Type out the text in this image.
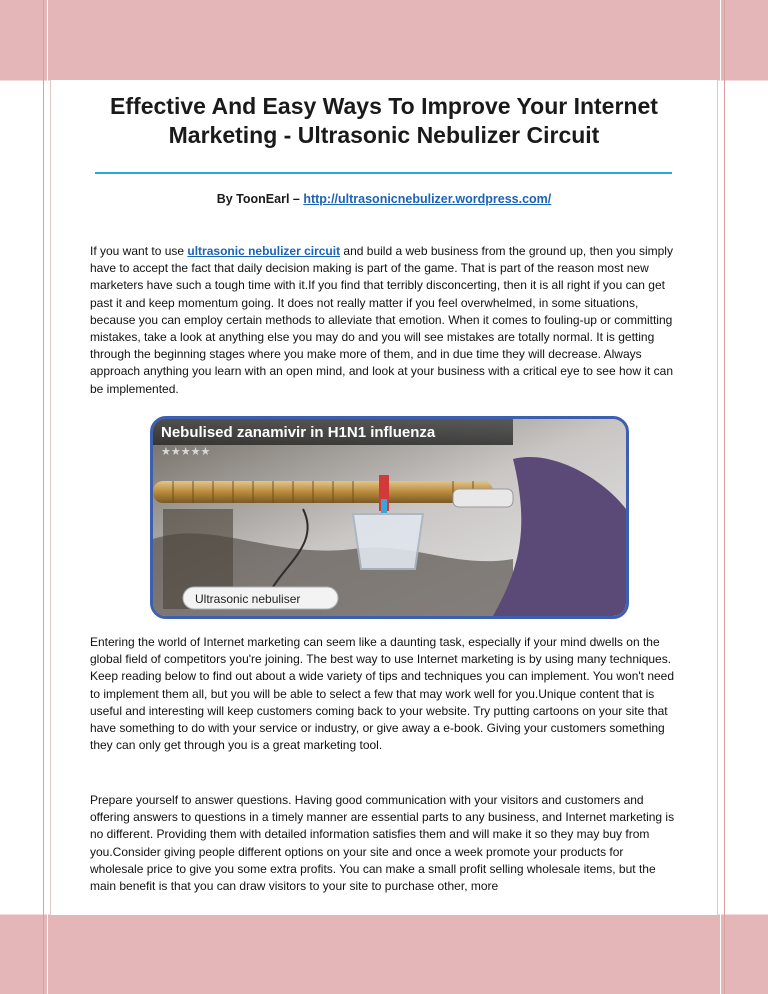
Effective And Easy Ways To Improve Your Internet Marketing - Ultrasonic Nebulizer Circuit
By ToonEarl – http://ultrasonicnebulizer.wordpress.com/

If you want to use ultrasonic nebulizer circuit and build a web business from the ground up, then you simply have to accept the fact that daily decision making is part of the game. That is part of the reason most new marketers have such a tough time with it.If you find that terribly disconcerting, then it is all right if you can get past it and keep momentum going. It does not really matter if you feel overwhelmed, in some situations, because you can employ certain methods to alleviate that emotion. When it comes to fouling-up or committing mistakes, take a look at anything else you may do and you will see mistakes are totally normal. It is getting through the beginning stages where you make more of them, and in due time they will decrease. Always approach anything you learn with an open mind, and look at your business with a critical eye to see how it can be implemented.

Nebulised zanamivir in H1N1 influenza
★★★★★
Ultrasonic nebuliser

Entering the world of Internet marketing can seem like a daunting task, especially if your mind dwells on the global field of competitors you're joining. The best way to use Internet marketing is by using many techniques. Keep reading below to find out about a wide variety of tips and techniques you can implement. You won't need to implement them all, but you will be able to select a few that may work well for you.Unique content that is useful and interesting will keep customers coming back to your website. Try putting cartoons on your site that have something to do with your service or industry, or give away a e-book. Giving your customers something they can only get through you is a great marketing tool.

Prepare yourself to answer questions. Having good communication with your visitors and customers and offering answers to questions in a timely manner are essential parts to any business, and Internet marketing is no different. Providing them with detailed information satisfies them and will make it so they may buy from you.Consider giving people different options on your site and once a week promote your products for wholesale price to give you some extra profits. You can make a small profit selling wholesale items, but the main benefit is that you can draw visitors to your site to purchase other, more
